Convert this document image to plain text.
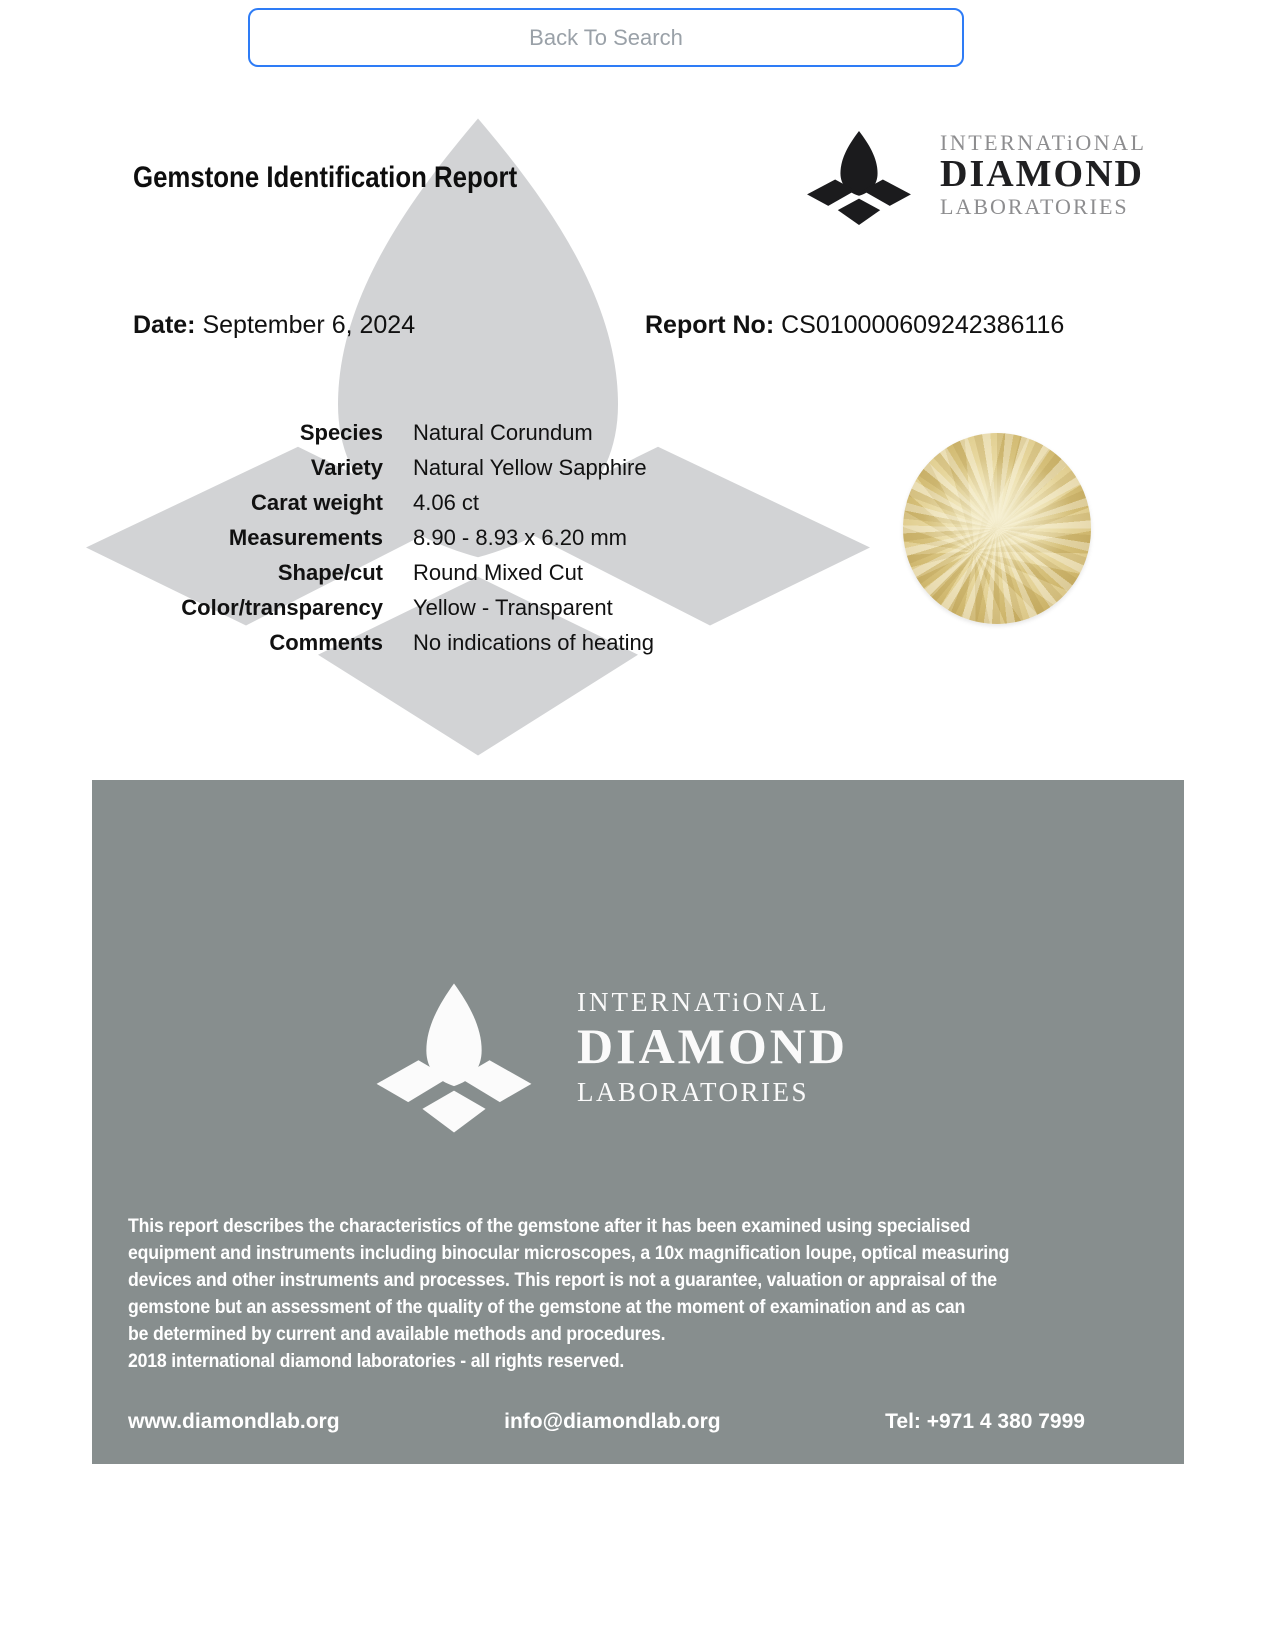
Back To Search
Gemstone Identification Report
INTERNATiONAL
DIAMOND
LABORATORIES
Date: September 6, 2024	Report No: CS010000609242386116
Species Natural Corundum
Variety Natural Yellow Sapphire
Carat weight 4.06 ct
Measurements 8.90 - 8.93 x 6.20 mm
Shape/cut Round Mixed Cut
Color/transparency Yellow - Transparent
Comments No indications of heating
INTERNATiONAL
DIAMOND
LABORATORIES
This report describes the characteristics of the gemstone after it has been examined using specialised
equipment and instruments including binocular microscopes, a 10x magnification loupe, optical measuring
devices and other instruments and processes. This report is not a guarantee, valuation or appraisal of the
gemstone but an assessment of the quality of the gemstone at the moment of examination and as can
be determined by current and available methods and procedures.
2018 international diamond laboratories - all rights reserved.
www.diamondlab.org	info@diamondlab.org	Tel: +971 4 380 7999
